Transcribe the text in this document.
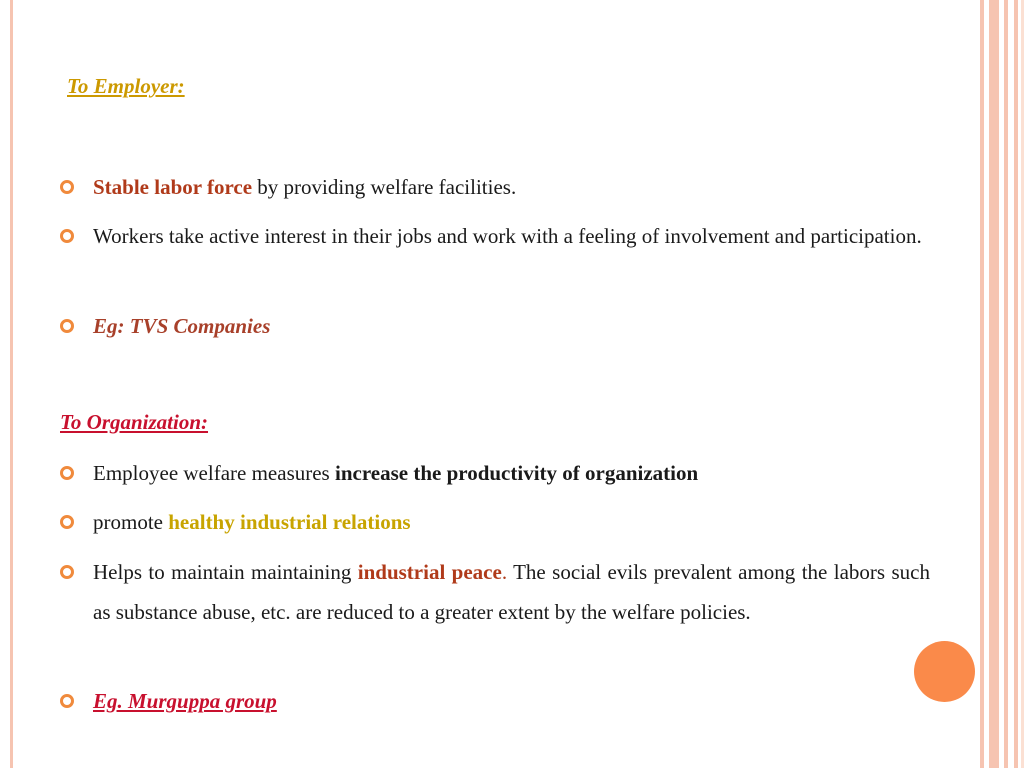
To Employer:
Stable labor force by providing welfare facilities.
Workers take active interest in their jobs and work with a feeling of involvement and participation.
Eg: TVS Companies
To Organization:
Employee welfare measures increase the productivity of organization
promote healthy industrial relations
Helps to maintain maintaining industrial peace. The social evils prevalent among the labors such as substance abuse, etc. are reduced to a greater extent by the welfare policies.
Eg. Murguppa group
